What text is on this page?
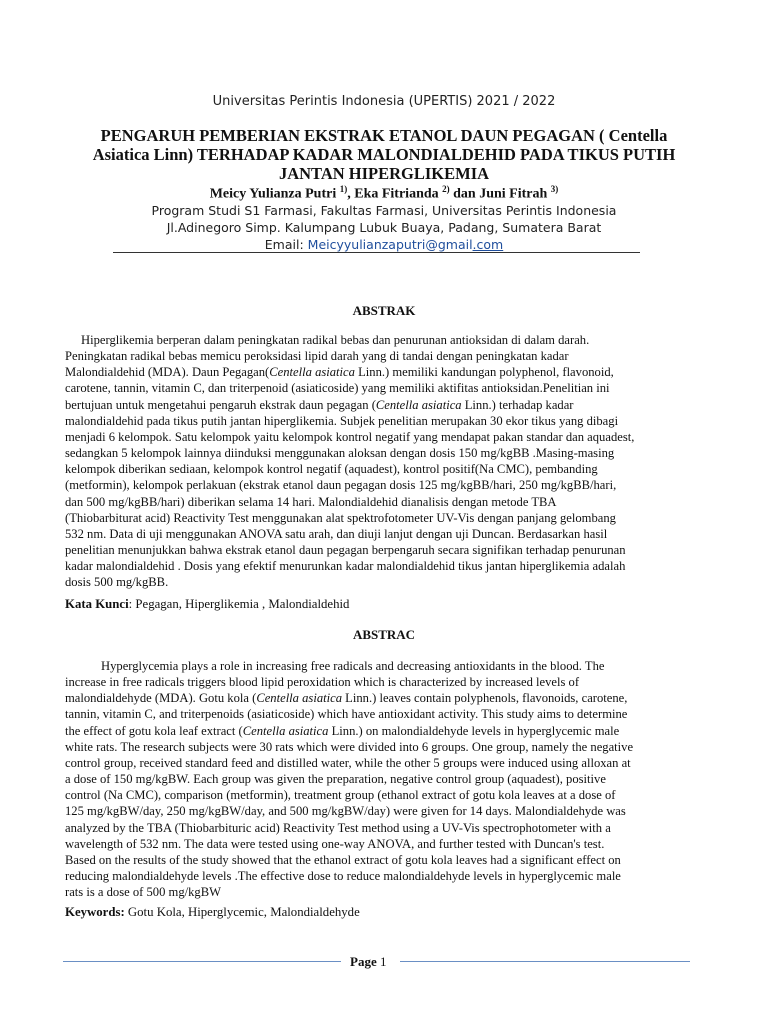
Universitas Perintis Indonesia (UPERTIS) 2021 / 2022
PENGARUH PEMBERIAN EKSTRAK ETANOL DAUN PEGAGAN ( Centella
Asiatica Linn) TERHADAP KADAR MALONDIALDEHID PADA TIKUS PUTIH
JANTAN HIPERGLIKEMIA
Meicy Yulianza Putri $^{1)}$, Eka Fitrianda $^{2)}$ dan Juni Fitrah $^{3)}$
Program Studi S1 Farmasi, Fakultas Farmasi, Universitas Perintis Indonesia
Jl.Adinegoro Simp. Kalumpang Lubuk Buaya, Padang, Sumatera Barat
Email: Meicyyulianzaputri@gmail.com
ABSTRAK
Hiperglikemia berperan dalam peningkatan radikal bebas dan penurunan antioksidan di dalam darah.
Peningkatan radikal bebas memicu peroksidasi lipid darah yang di tandai dengan peningkatan kadar
Malondialdehid (MDA). Daun Pegagan(Centella asiatica Linn.) memiliki kandungan polyphenol, flavonoid,
carotene, tannin, vitamin C, dan triterpenoid (asiaticoside) yang memiliki aktifitas antioksidan.Penelitian ini
bertujuan untuk mengetahui pengaruh ekstrak daun pegagan (Centella asiatica Linn.) terhadap kadar
malondialdehid pada tikus putih jantan hiperglikemia. Subjek penelitian merupakan 30 ekor tikus yang dibagi
menjadi 6 kelompok. Satu kelompok yaitu kelompok kontrol negatif yang mendapat pakan standar dan aquadest,
sedangkan 5 kelompok lainnya diinduksi menggunakan aloksan dengan dosis 150 mg/kgBB .Masing-masing
kelompok diberikan sediaan, kelompok kontrol negatif (aquadest), kontrol positif(Na CMC), pembanding
(metformin), kelompok perlakuan (ekstrak etanol daun pegagan dosis 125 mg/kgBB/hari, 250 mg/kgBB/hari,
dan 500 mg/kgBB/hari) diberikan selama 14 hari. Malondialdehid dianalisis dengan metode TBA
(Thiobarbiturat acid) Reactivity Test menggunakan alat spektrofotometer UV-Vis dengan panjang gelombang
532 nm. Data di uji menggunakan ANOVA satu arah, dan diuji lanjut dengan uji Duncan. Berdasarkan hasil
penelitian menunjukkan bahwa ekstrak etanol daun pegagan berpengaruh secara signifikan terhadap penurunan
kadar malondialdehid . Dosis yang efektif menurunkan kadar malondialdehid tikus jantan hiperglikemia adalah
dosis 500 mg/kgBB.
Kata Kunci: Pegagan, Hiperglikemia , Malondialdehid
ABSTRAC
Hyperglycemia plays a role in increasing free radicals and decreasing antioxidants in the blood. The
increase in free radicals triggers blood lipid peroxidation which is characterized by increased levels of
malondialdehyde (MDA). Gotu kola (Centella asiatica Linn.) leaves contain polyphenols, flavonoids, carotene,
tannin, vitamin C, and triterpenoids (asiaticoside) which have antioxidant activity. This study aims to determine
the effect of gotu kola leaf extract (Centella asiatica Linn.) on malondialdehyde levels in hyperglycemic male
white rats. The research subjects were 30 rats which were divided into 6 groups. One group, namely the negative
control group, received standard feed and distilled water, while the other 5 groups were induced using alloxan at
a dose of 150 mg/kgBW. Each group was given the preparation, negative control group (aquadest), positive
control (Na CMC), comparison (metformin), treatment group (ethanol extract of gotu kola leaves at a dose of
125 mg/kgBW/day, 250 mg/kgBW/day, and 500 mg/kgBW/day) were given for 14 days. Malondialdehyde was
analyzed by the TBA (Thiobarbituric acid) Reactivity Test method using a UV-Vis spectrophotometer with a
wavelength of 532 nm. The data were tested using one-way ANOVA, and further tested with Duncan's test.
Based on the results of the study showed that the ethanol extract of gotu kola leaves had a significant effect on
reducing malondialdehyde levels .The effective dose to reduce malondialdehyde levels in hyperglycemic male
rats is a dose of 500 mg/kgBW
Keywords: Gotu Kola, Hiperglycemic, Malondialdehyde
Page 1
